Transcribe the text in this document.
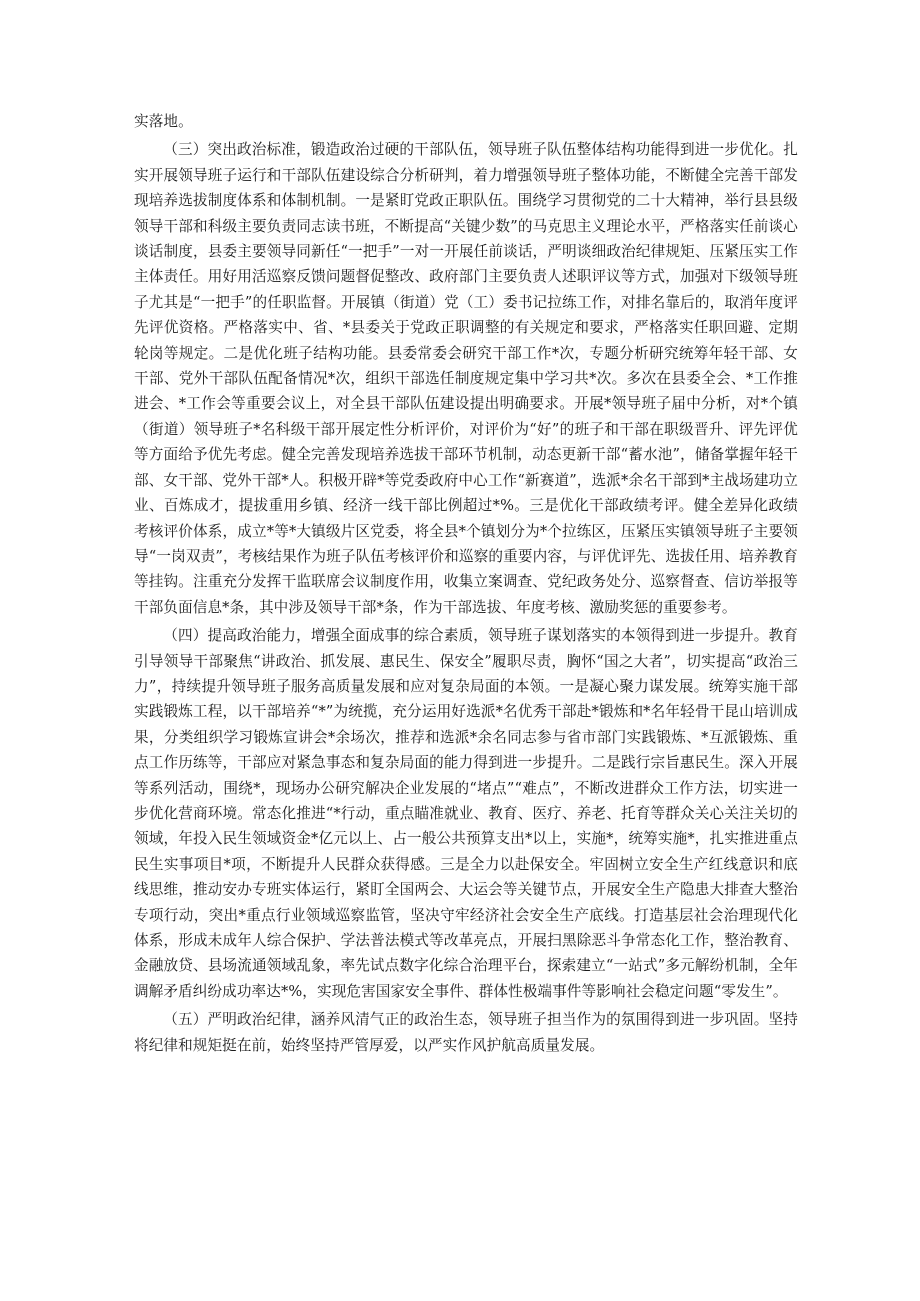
实落地。

（三）突出政治标准，锻造政治过硬的干部队伍，领导班子队伍整体结构功能得到进一步优化。扎实开展领导班子运行和干部队伍建设综合分析研判，着力增强领导班子整体功能，不断健全完善干部发现培养选拔制度体系和体制机制。一是紧盯党政正职队伍。围绕学习贯彻党的二十大精神，举行县县级领导干部和科级主要负责同志读书班，不断提高“关键少数”的马克思主义理论水平，严格落实任前谈心谈话制度，县委主要领导同新任“一把手”一对一开展任前谈话，严明谈细政治纪律规矩、压紧压实工作主体责任。用好用活巡察反馈问题督促整改、政府部门主要负责人述职评议等方式，加强对下级领导班子尤其是“一把手”的任职监督。开展镇（街道）党（工）委书记拉练工作，对排名靠后的，取消年度评先评优资格。严格落实中、省、*县委关于党政正职调整的有关规定和要求，严格落实任职回避、定期轮岗等规定。二是优化班子结构功能。县委常委会研究干部工作*次，专题分析研究统筹年轻干部、女干部、党外干部队伍配备情况*次，组织干部选任制度规定集中学习共*次。多次在县委全会、*工作推进会、*工作会等重要会议上，对全县干部队伍建设提出明确要求。开展*领导班子届中分析，对*个镇（街道）领导班子*名科级干部开展定性分析评价，对评价为“好”的班子和干部在职级晋升、评先评优等方面给予优先考虑。健全完善发现培养选拔干部环节机制，动态更新干部“蓄水池”，储备掌握年轻干部、女干部、党外干部*人。积极开辟*等党委政府中心工作“新赛道”，选派*余名干部到*主战场建功立业、百炼成才，提拔重用乡镇、经济一线干部比例超过*%。三是优化干部政绩考评。健全差异化政绩考核评价体系，成立*等*大镇级片区党委，将全县*个镇划分为*个拉练区，压紧压实镇领导班子主要领导“一岗双责”，考核结果作为班子队伍考核评价和巡察的重要内容，与评优评先、选拔任用、培养教育等挂钩。注重充分发挥干监联席会议制度作用，收集立案调查、党纪政务处分、巡察督查、信访举报等干部负面信息*条，其中涉及领导干部*条，作为干部选拔、年度考核、激励奖惩的重要参考。

（四）提高政治能力，增强全面成事的综合素质，领导班子谋划落实的本领得到进一步提升。教育引导领导干部聚焦“讲政治、抓发展、惠民生、保安全”履职尽责，胸怀“国之大者”，切实提高“政治三力”，持续提升领导班子服务高质量发展和应对复杂局面的本领。一是凝心聚力谋发展。统筹实施干部实践锻炼工程，以干部培养“*”为统揽，充分运用好选派*名优秀干部赴*锻炼和*名年轻骨干昆山培训成果，分类组织学习锻炼宣讲会*余场次，推荐和选派*余名同志参与省市部门实践锻炼、*互派锻炼、重点工作历练等，干部应对紧急事态和复杂局面的能力得到进一步提升。二是践行宗旨惠民生。深入开展等系列活动，围绕*，现场办公研究解决企业发展的“堵点”“难点”，不断改进群众工作方法，切实进一步优化营商环境。常态化推进“*行动，重点瞄准就业、教育、医疗、养老、托育等群众关心关注关切的领域，年投入民生领域资金*亿元以上、占一般公共预算支出*以上，实施*，统筹实施*，扎实推进重点民生实事项目*项，不断提升人民群众获得感。三是全力以赴保安全。牢固树立安全生产红线意识和底线思维，推动安办专班实体运行，紧盯全国两会、大运会等关键节点，开展安全生产隐患大排查大整治专项行动，突出*重点行业领域巡察监管，坚决守牢经济社会安全生产底线。打造基层社会治理现代化体系，形成未成年人综合保护、学法普法模式等改革亮点，开展扫黑除恶斗争常态化工作，整治教育、金融放贷、县场流通领域乱象，率先试点数字化综合治理平台，探索建立“一站式”多元解纷机制，全年调解矛盾纠纷成功率达*%，实现危害国家安全事件、群体性极端事件等影响社会稳定问题“零发生”。

（五）严明政治纪律，涵养风清气正的政治生态，领导班子担当作为的氛围得到进一步巩固。坚持将纪律和规矩挺在前，始终坚持严管厚爱，以严实作风护航高质量发展。
